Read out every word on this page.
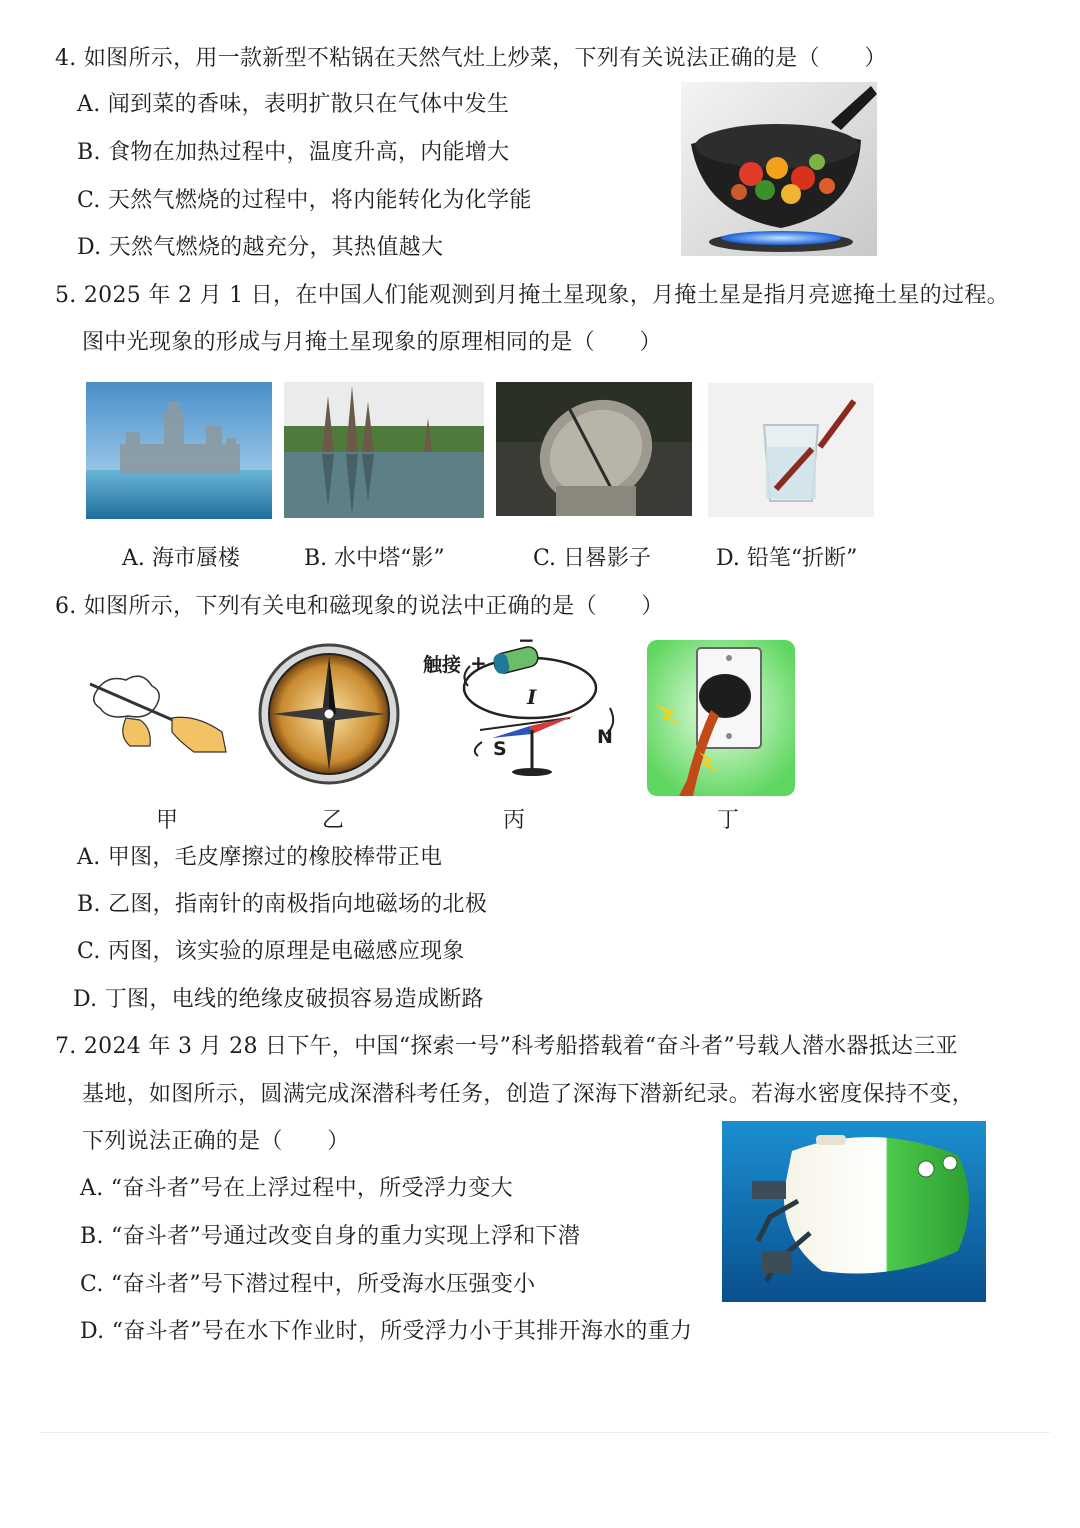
4. 如图所示，用一款新型不粘锅在天然气灶上炒菜，下列有关说法正确的是（　　）
A. 闻到菜的香味，表明扩散只在气体中发生
B. 食物在加热过程中，温度升高，内能增大
C. 天然气燃烧的过程中，将内能转化为化学能
D. 天然气燃烧的越充分，其热值越大
5. 2025 年 2 月 1 日，在中国人们能观测到月掩土星现象，月掩土星是指月亮遮掩土星的过程。
图中光现象的形成与月掩土星现象的原理相同的是（　　）
A. 海市蜃楼	B. 水中塔“影”	C. 日晷影子	D. 铅笔“折断”
6. 如图所示，下列有关电和磁现象的说法中正确的是（　　）
触接 +
−
I
S
N
甲	乙	丙	丁
A. 甲图，毛皮摩擦过的橡胶棒带正电
B. 乙图，指南针的南极指向地磁场的北极
C. 丙图，该实验的原理是电磁感应现象
D. 丁图，电线的绝缘皮破损容易造成断路
7. 2024 年 3 月 28 日下午，中国“探索一号”科考船搭载着“奋斗者”号载人潜水器抵达三亚
基地，如图所示，圆满完成深潜科考任务，创造了深海下潜新纪录。若海水密度保持不变，
下列说法正确的是（　　）
A. “奋斗者”号在上浮过程中，所受浮力变大
B. “奋斗者”号通过改变自身的重力实现上浮和下潜
C. “奋斗者”号下潜过程中，所受海水压强变小
D. “奋斗者”号在水下作业时，所受浮力小于其排开海水的重力
